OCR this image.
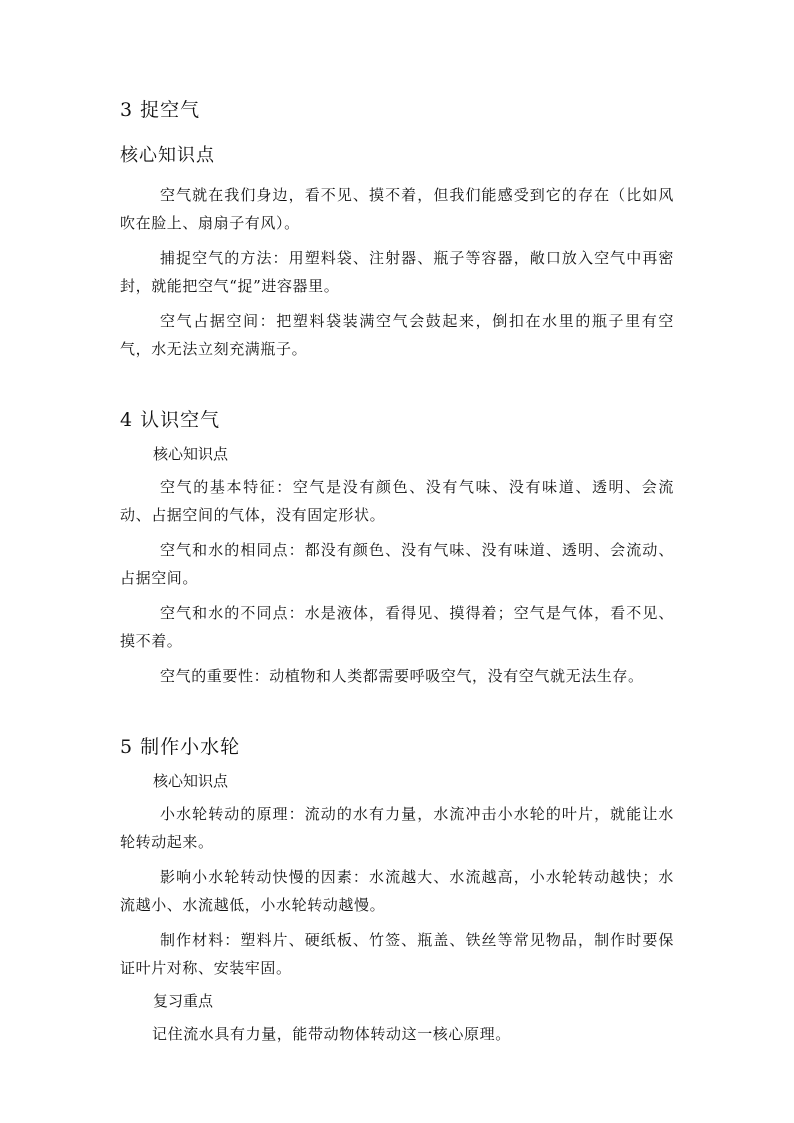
3 捉空气
核心知识点

空气就在我们身边，看不见、摸不着，但我们能感受到它的存在（比如风吹在脸上、扇扇子有风）。

捕捉空气的方法：用塑料袋、注射器、瓶子等容器，敞口放入空气中再密封，就能把空气“捉”进容器里。

空气占据空间：把塑料袋装满空气会鼓起来，倒扣在水里的瓶子里有空气，水无法立刻充满瓶子。

4 认识空气
核心知识点

空气的基本特征：空气是没有颜色、没有气味、没有味道、透明、会流动、占据空间的气体，没有固定形状。

空气和水的相同点：都没有颜色、没有气味、没有味道、透明、会流动、占据空间。

空气和水的不同点：水是液体，看得见、摸得着；空气是气体，看不见、摸不着。

空气的重要性：动植物和人类都需要呼吸空气，没有空气就无法生存。

5 制作小水轮
核心知识点

小水轮转动的原理：流动的水有力量，水流冲击小水轮的叶片，就能让水轮转动起来。

影响小水轮转动快慢的因素：水流越大、水流越高，小水轮转动越快；水流越小、水流越低，小水轮转动越慢。

制作材料：塑料片、硬纸板、竹签、瓶盖、铁丝等常见物品，制作时要保证叶片对称、安装牢固。

复习重点

记住流水具有力量，能带动物体转动这一核心原理。
